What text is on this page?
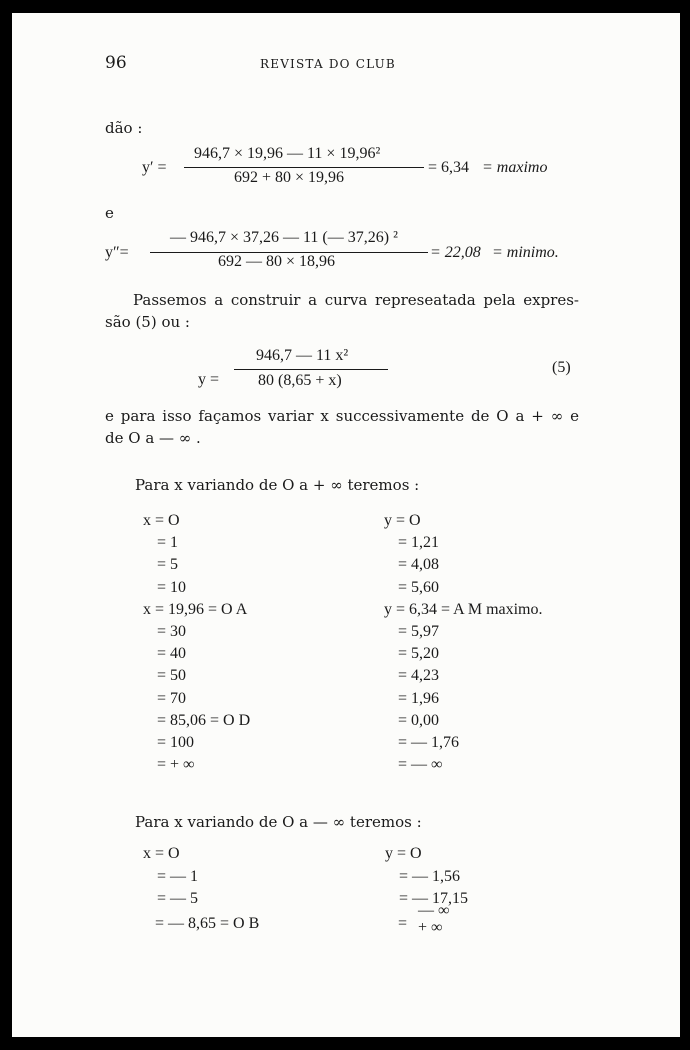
96	REVISTA DO CLUB
dão :
y′ =
946,7 × 19,96 — 11 × 19,96²
692 + 80 × 19,96
= 6,34 = maximo
e
y″=
— 946,7 × 37,26 — 11 (— 37,26) ²
692 — 80 × 18,96
= 22,08 = minimo.
Passemos a construir a curva represeatada pela expres-
são (5) ou :
y =
946,7 — 11 x²
80 (8,65 + x)
(5)
e para isso façamos variar x successivamente de O a + ∞ e
de O a — ∞ .
Para x variando de O a + ∞ teremos :
x = O	y = O
= 1	= 1,21
= 5	= 4,08
= 10	= 5,60
x = 19,96 = O A	y = 6,34 = A M maximo.
= 30	= 5,97
= 40	= 5,20
= 50	= 4,23
= 70	= 1,96
= 85,06 = O D	= 0,00
= 100	= — 1,76
= + ∞	= — ∞
Para x variando de O a — ∞ teremos :
x = O	y = O
= — 1	= — 1,56
= — 5	= — 17,15
= — 8,65 = O B	=
— ∞
+ ∞
